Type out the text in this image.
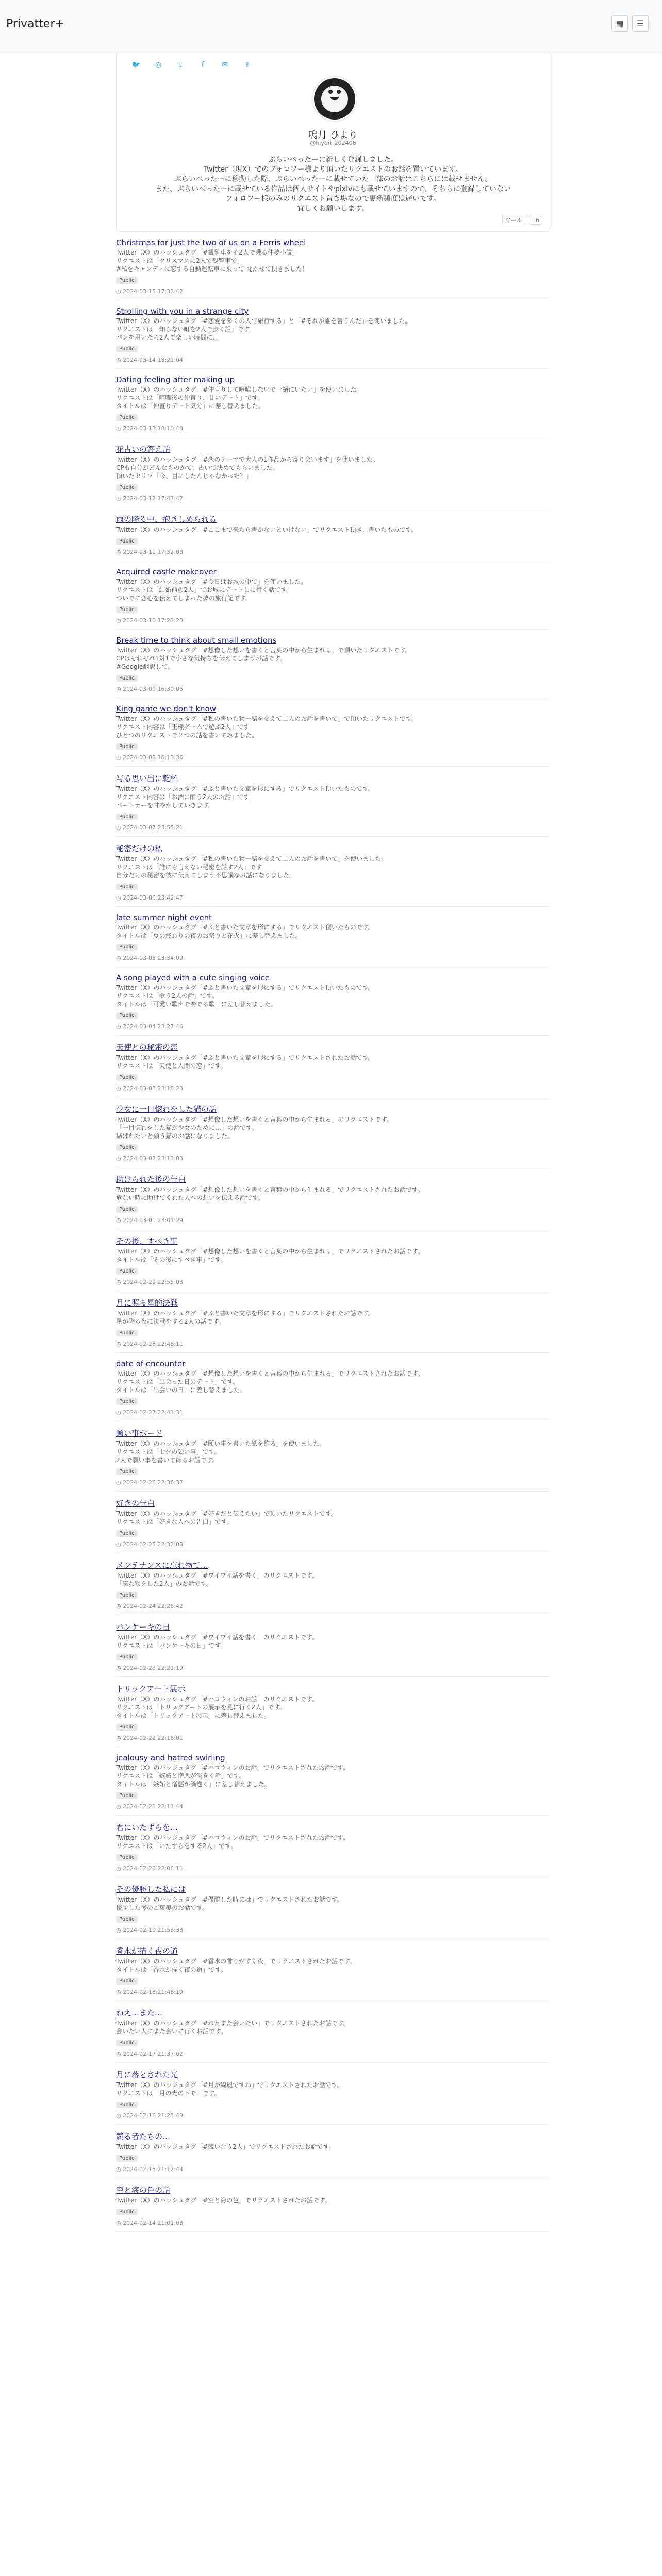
Privatter+	☰
▦
🐦 ◎ t	f ✉ ⇪
鳴月 ひより
@hiyori_202406
ぷらいべったーに新しく登録しました。
Twitter（現X）でのフォロワー様より頂いたリクエストのお話を置いています。
ぷらいべったーに移動した際、ぷらいべったーに載せていた一部のお話はこちらには載せません。
また、ぷらいべったーに載せている作品は個人サイトやpixivにも載せていますので、そちらに登録していない
フォロワー様のみのリクエスト置き場なので更新頻度は遅いです。
宜しくお願いします。
ツール 16
Christmas for just the two of us on a Ferris wheel
Twitter（X）のハッシュタグ「#観覧車をそ2人で乗る仲夢小説」
リクエストは「クリスマスに2人で観覧車で」
#私をキャンディに恋する自動運転車に乗って 聞かせて頂きました！
Public
◷ 2024-03-15 17:32:42
Strolling with you in a strange city
Twitter（X）のハッシュタグ「#恋愛を多くの人で旅行する」と「#それが誰を言うんだ」を使いました。
リクエストは「知らない町を2人で歩く話」です。
バンを用いたら2人で楽しい時間に…
Public
◷ 2024-03-14 18:21:04
Dating feeling after making up
Twitter（X）のハッシュタグ「#仲直りして喧嘩しないで一緒にいたい」を使いました。
リクエストは「喧嘩後の仲直り、甘いデート」です。
タイトルは「仲直りデート気分」に差し替えました。
Public
◷ 2024-03-13 18:10:48
花占いの答え話
Twitter（X）のハッシュタグ「#恋のテーマで大人の1作品から寄り会います」を使いました。
CPも自分がどんなものかで、占いで決めてもらいました。
頂いたセリフ「今、目にしたんじゃなかった？」
Public
◷ 2024-03-12 17:47:47
雨の降る中、抱きしめられる
Twitter（X）のハッシュタグ「#ここまで来たら書かないといけない」でリクエスト頂き、書いたものです。
Public
◷ 2024-03-11 17:32:08
Acquired castle makeover
Twitter（X）のハッシュタグ「#今日はお城の中で」を使いました。
リクエストは「結婚前の2人」でお城にデートしに行く話です。
ついでに恋心を伝えてしまった夢の旅行記です。
Public
◷ 2024-03-10 17:23:20
Break time to think about small emotions
Twitter（X）のハッシュタグ「#想像した想いを書くと言葉の中から生まれる」で頂いたリクエストです。
CPはそれぞれ1対1で小さな気持ちを伝えてしまうお話です。
#Google翻訳して。
Public
◷ 2024-03-09 16:30:05
King game we don't know
Twitter（X）のハッシュタグ「#私の書いた物一緒を交えて二人のお話を書いて」で頂いたリクエストです。
リクエスト内容は「王様ゲームで遊ぶ2人」です。
ひとつのリクエストで２つの話を書いてみました。
Public
◷ 2024-03-08 16:13:36
写る思い出に乾杯
Twitter（X）のハッシュタグ「#ふと書いた文章を形にする」でリクエスト頂いたものです。
リクエスト内容は「お酒に酔う2人のお話」です。
パートナーを甘やかしていきます。
Public
◷ 2024-03-07 23:55:21
秘密だけの私
Twitter（X）のハッシュタグ「#私の書いた物一緒を交えて二人のお話を書いて」を使いました。
リクエストは「誰にも言えない秘密を話す2人」です。
自分だけの秘密を彼に伝えてしまう不思議なお話になりました。
Public
◷ 2024-03-06 23:42:47
late summer night event
Twitter（X）のハッシュタグ「#ふと書いた文章を形にする」でリクエスト頂いたものです。
タイトルは「夏の終わりの夜のお祭りと花火」に差し替えました。
Public
◷ 2024-03-05 23:34:09
A song played with a cute singing voice
Twitter（X）のハッシュタグ「#ふと書いた文章を形にする」でリクエスト頂いたものです。
リクエストは「歌う2人の話」です。
タイトルは「可愛い歌声で奏でる歌」に差し替えました。
Public
◷ 2024-03-04 23:27:46
天使との秘密の恋
Twitter（X）のハッシュタグ「#ふと書いた文章を形にする」でリクエストされたお話です。
リクエストは「天使と人間の恋」です。
Public
◷ 2024-03-03 23:18:23
少女に一目惚れをした猫の話
Twitter（X）のハッシュタグ「#想像した想いを書くと言葉の中から生まれる」のリクエストです。
「一目惚れをした猫が少女のために…」の話です。
結ばれたいと願う猫のお話になりました。
Public
◷ 2024-03-02 23:13:03
助けられた後の告白
Twitter（X）のハッシュタグ「#想像した想いを書くと言葉の中から生まれる」でリクエストされたお話です。
危ない時に助けてくれた人への想いを伝える話です。
Public
◷ 2024-03-01 23:01:29
その後、すべき事
Twitter（X）のハッシュタグ「#想像した想いを書くと言葉の中から生まれる」でリクエストされたお話です。
タイトルは「その後にすべき事」です。
Public
◷ 2024-02-29 22:55:03
月に照る星的決戦
Twitter（X）のハッシュタグ「#ふと書いた文章を形にする」でリクエストされたお話です。
星が降る夜に決戦をする2人の話です。
Public
◷ 2024-02-28 22:48:11
date of encounter
Twitter（X）のハッシュタグ「#想像した想いを書くと言葉の中から生まれる」でリクエストされたお話です。
リクエストは「出会った日のデート」です。
タイトルは「出会いの日」に差し替えました。
Public
◷ 2024-02-27 22:41:31
願い事ボード
Twitter（X）のハッシュタグ「#願い事を書いた紙を飾る」を使いました。
リクエストは「七夕の願い事」です。
2人で願い事を書いて飾るお話です。
Public
◷ 2024-02-26 22:36:37
好きの告白
Twitter（X）のハッシュタグ「#好きだと伝えたい」で頂いたリクエストです。
リクエストは「好きな人への告白」です。
Public
◷ 2024-02-25 22:32:08
メンテナンスに忘れ物て…
Twitter（X）のハッシュタグ「#ワイワイ話を書く」のリクエストです。
「忘れ物をした2人」のお話です。
Public
◷ 2024-02-24 22:26:42
パンケーキの日
Twitter（X）のハッシュタグ「#ワイワイ話を書く」のリクエストです。
リクエストは「パンケーキの日」です。
Public
◷ 2024-02-23 22:21:19
トリックアート展示
Twitter（X）のハッシュタグ「#ハロウィンのお話」のリクエストです。
リクエストは「トリックアートの展示を見に行く2人」です。
タイトルは「トリックアート展示」に差し替えました。
Public
◷ 2024-02-22 22:16:01
jealousy and hatred swirling
Twitter（X）のハッシュタグ「#ハロウィンのお話」でリクエストされたお話です。
リクエストは「嫉妬と憎悪が渦巻く話」です。
タイトルは「嫉妬と憎悪が渦巻く」に差し替えました。
Public
◷ 2024-02-21 22:11:44
君にいたずらを…
Twitter（X）のハッシュタグ「#ハロウィンのお話」でリクエストされたお話です。
リクエストは「いたずらをする2人」です。
Public
◷ 2024-02-20 22:06:11
その優勝した私には
Twitter（X）のハッシュタグ「#優勝した時には」でリクエストされたお話です。
優勝した後のご褒美のお話です。
Public
◷ 2024-02-19 21:53:33
香水が描く夜の道
Twitter（X）のハッシュタグ「#香水の香りがする夜」でリクエストされたお話です。
タイトルは「香水が描く夜の道」です。
Public
◷ 2024-02-18 21:48:19
ねえ…また…
Twitter（X）のハッシュタグ「#ねえまた会いたい」でリクエストされたお話です。
会いたい人にまた会いに行くお話です。
Public
◷ 2024-02-17 21:37:02
月に落とされた光
Twitter（X）のハッシュタグ「#月が綺麗ですね」でリクエストされたお話です。
リクエストは「月の光の下で」です。
Public
◷ 2024-02-16 21:25:49
競る者たちの…
Twitter（X）のハッシュタグ「#競い合う2人」でリクエストされたお話です。
Public
◷ 2024-02-15 21:12:44
空と海の色の話
Twitter（X）のハッシュタグ「#空と海の色」でリクエストされたお話です。
Public
◷ 2024-02-14 21:01:03
